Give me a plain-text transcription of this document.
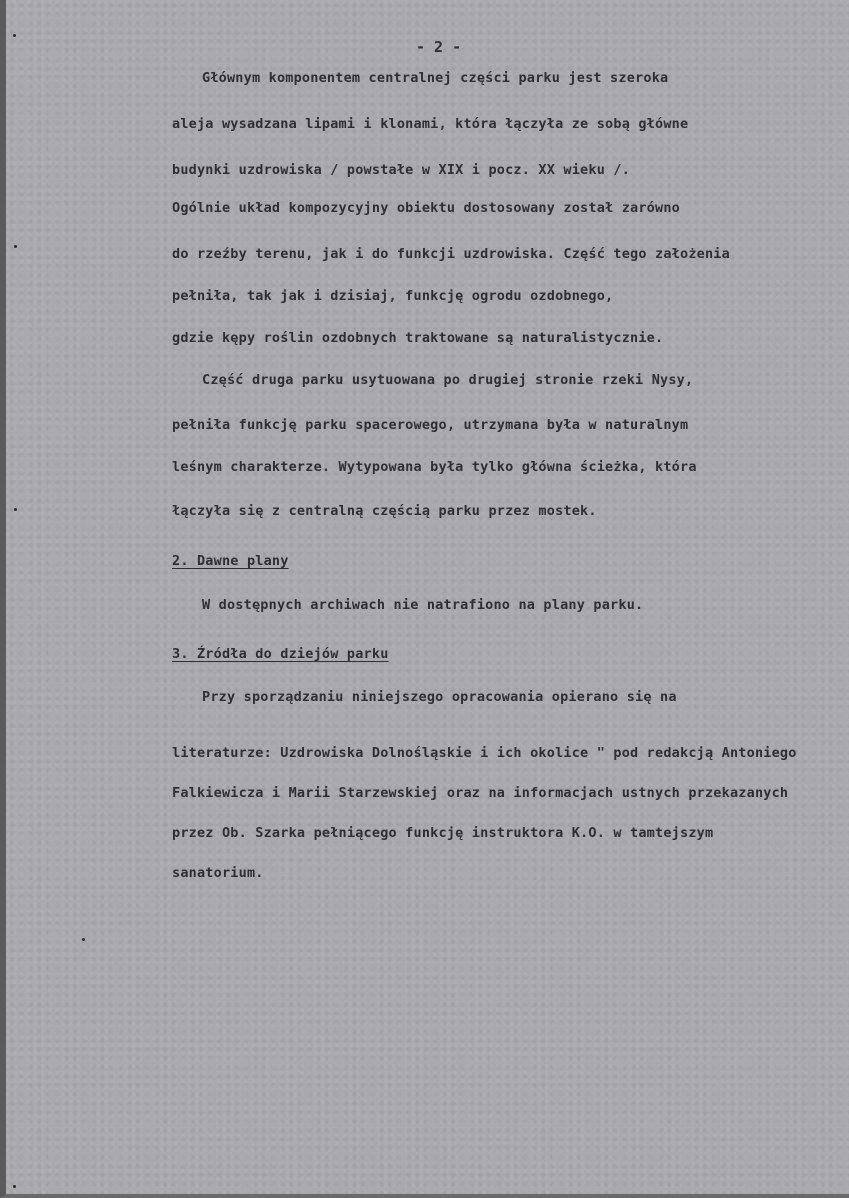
- 2 -

Głównym komponentem centralnej części parku jest szeroka

aleja wysadzana lipami i klonami, która łączyła ze sobą główne

budynki uzdrowiska / powstałe w XIX i pocz. XX wieku /.

Ogólnie układ kompozycyjny obiektu dostosowany został zarówno

do rzeźby terenu, jak i do funkcji uzdrowiska. Część tego założenia

pełniła, tak jak i dzisiaj, funkcję ogrodu ozdobnego,

gdzie kępy roślin ozdobnych traktowane są naturalistycznie.

Część druga parku usytuowana po drugiej stronie rzeki Nysy,

pełniła funkcję parku spacerowego, utrzymana była w naturalnym

leśnym charakterze. Wytypowana była tylko główna ścieżka, która

łączyła się z centralną częścią parku przez mostek.

2. Dawne plany

W dostępnych archiwach nie natrafiono na plany parku.

3. Źródła do dziejów parku

Przy sporządzaniu niniejszego opracowania opierano się na

literaturze: Uzdrowiska Dolnośląskie i ich okolice " pod redakcją Antoniego Falkiewicza i Marii Starzewskiej oraz na informacjach ustnych przekazanych przez Ob. Szarka pełniącego funkcję instruktora K.O. w tamtejszym sanatorium.
